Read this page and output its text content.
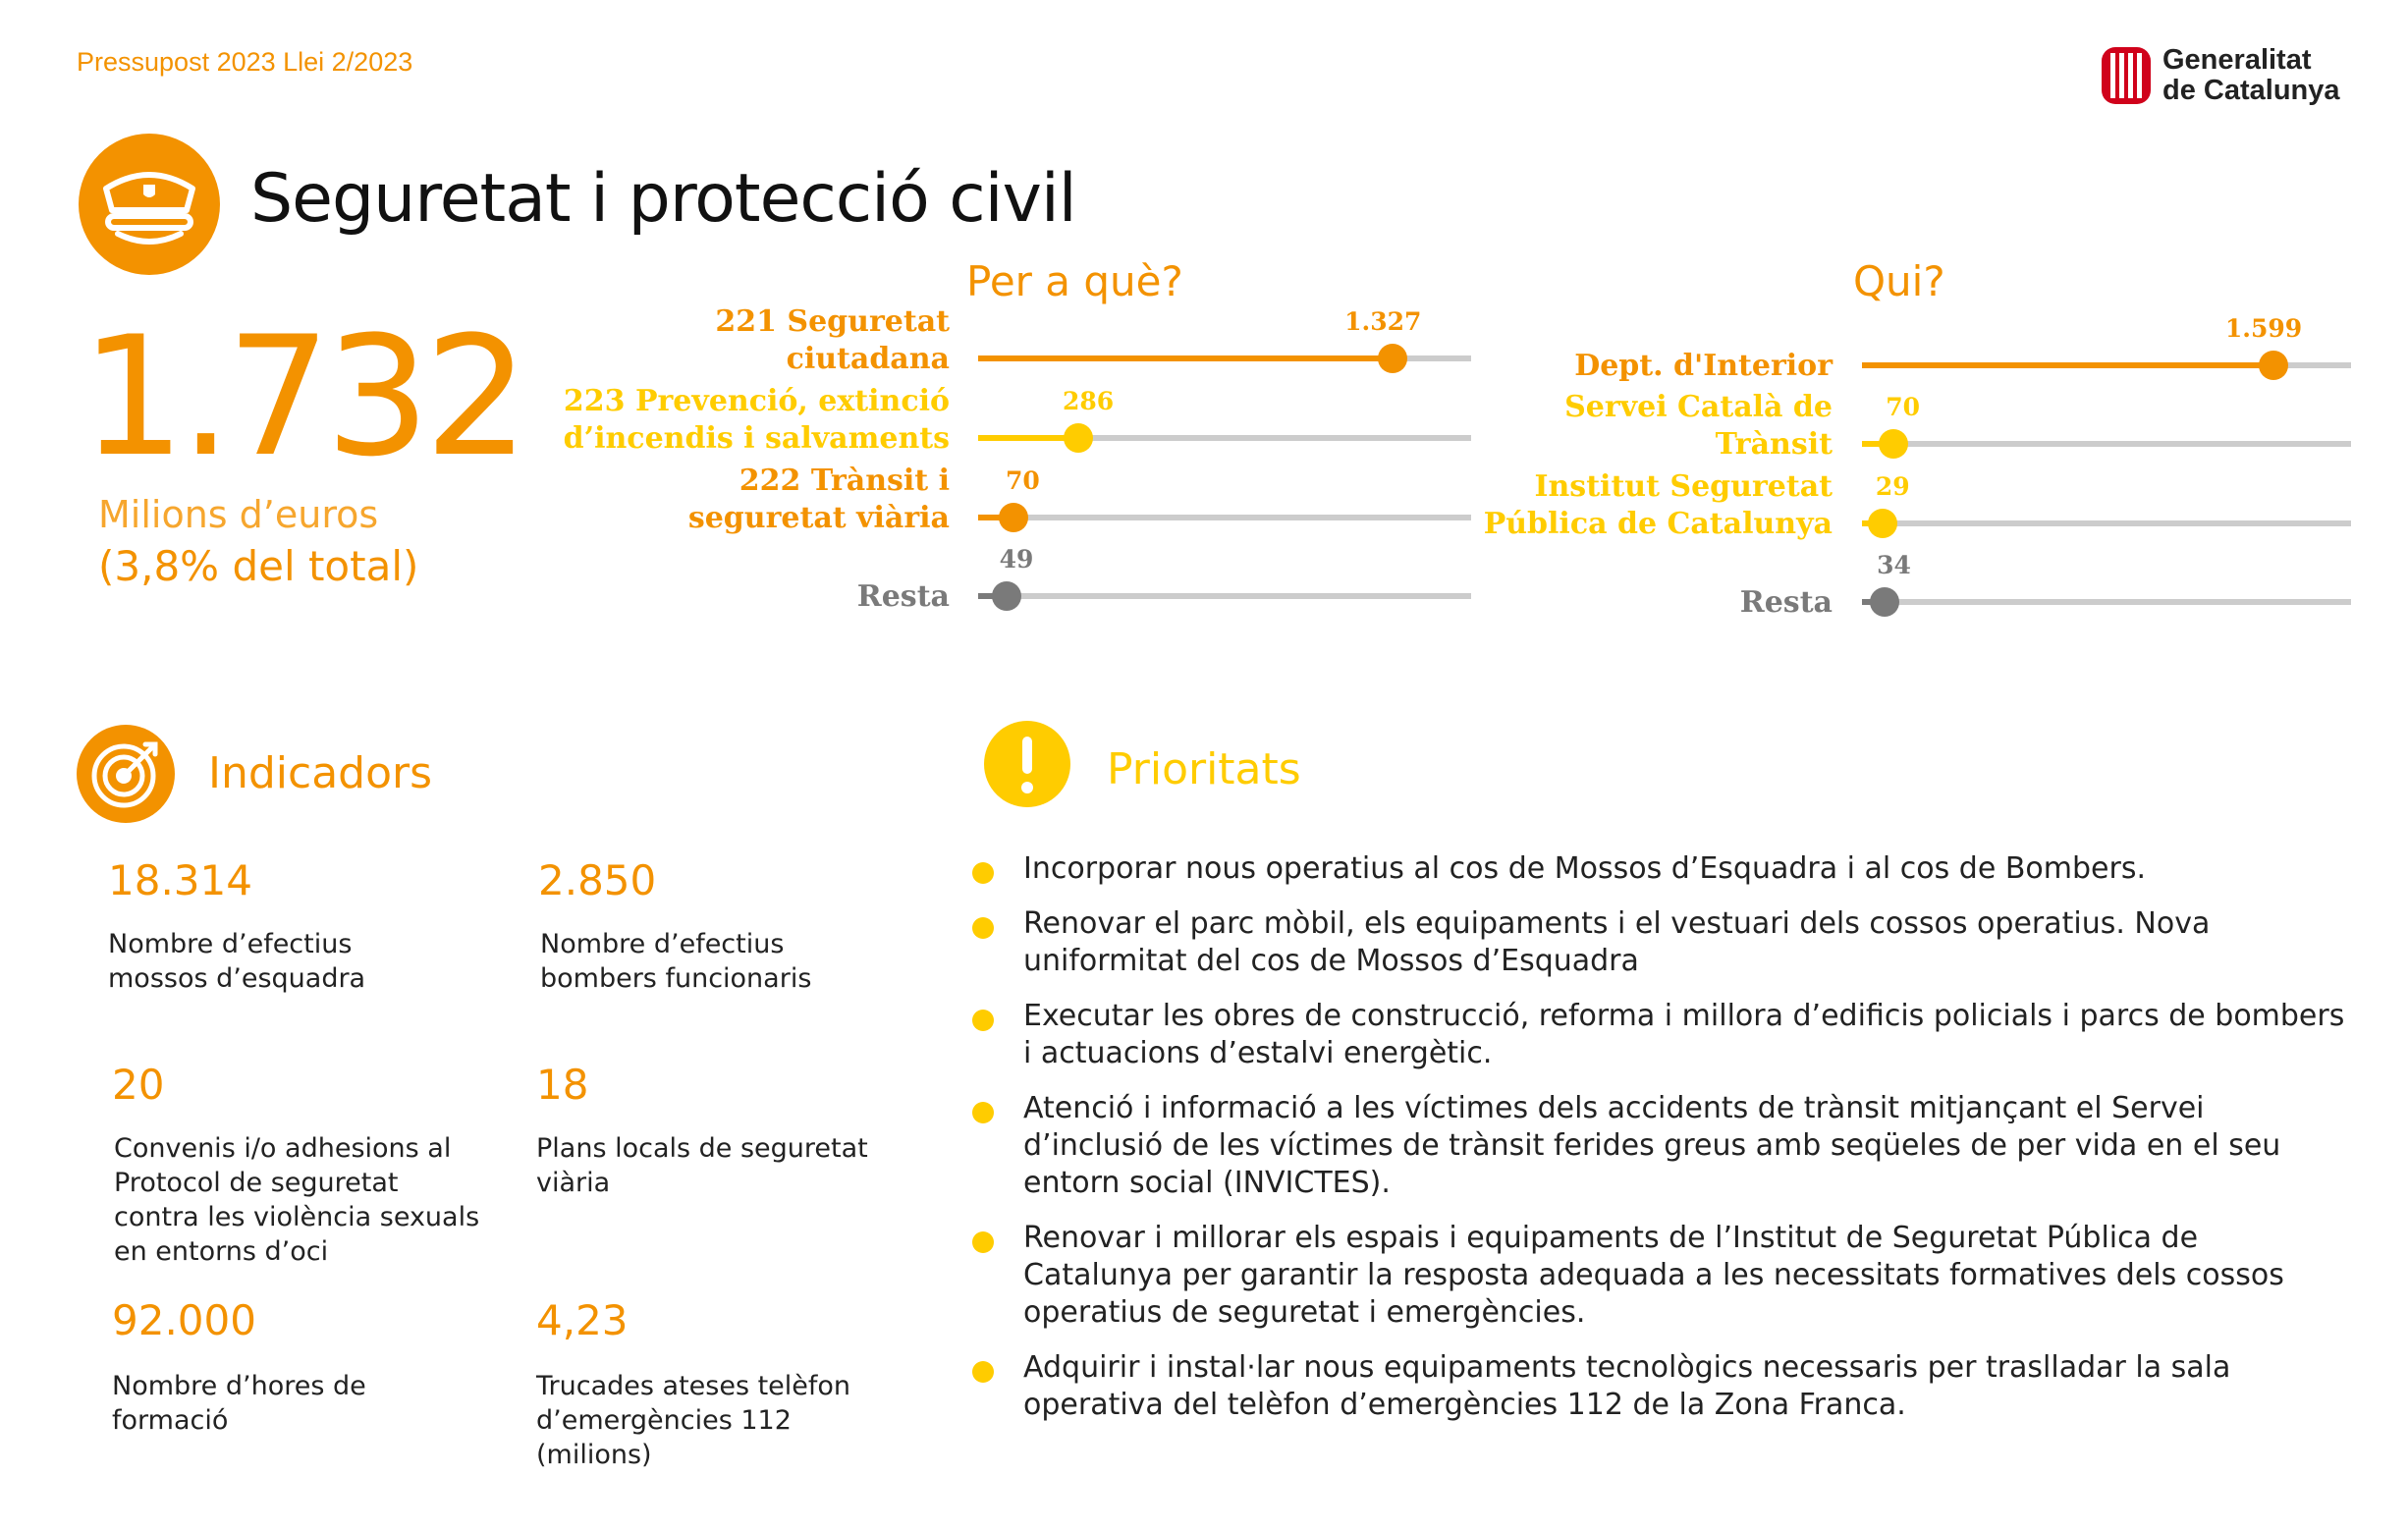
Pressupost 2023 Llei 2/2023	Generalitat
de Catalunya
Seguretat i protecció civil
1.732
Milions d’euros
(3,8% del total)
Per a què?	Qui?
221 Seguretat
ciutadana
1.327
223 Prevenció, extinció
d’incendis i salvaments
286
222 Trànsit i
seguretat viària
70
Resta
49
Dept. d'Interior
1.599
Servei Català de
Trànsit
70
Institut Seguretat
Pública de Catalunya
29
Resta
34
Indicadors
18.314
Nombre d’efectius mossos d’esquadra
2.850
Nombre d’efectius bombers funcionaris
20
Convenis i/o adhesions al Protocol de seguretat contra les violència sexuals en entorns d’oci
18
Plans locals de seguretat viària
92.000
Nombre d’hores de formació
4,23
Trucades ateses telèfon d’emergències 112 (milions)
Prioritats
Incorporar nous operatius al cos de Mossos d’Esquadra i al cos de Bombers.
Renovar el parc mòbil, els equipaments i el vestuari dels cossos operatius. Nova uniformitat del cos de Mossos d’Esquadra
Executar les obres de construcció, reforma i millora d’edificis policials i parcs de bombers i actuacions d’estalvi energètic.
Atenció i informació a les víctimes dels accidents de trànsit mitjançant el Servei d’inclusió de les víctimes de trànsit ferides greus amb seqüeles de per vida en el seu entorn social (INVICTES).
Renovar i millorar els espais i equipaments de l’Institut de Seguretat Pública de Catalunya per garantir la resposta adequada a les necessitats formatives dels cossos operatius de seguretat i emergències.
Adquirir i instal·lar nous equipaments tecnològics necessaris per traslladar la sala operativa del telèfon d’emergències 112 de la Zona Franca.
